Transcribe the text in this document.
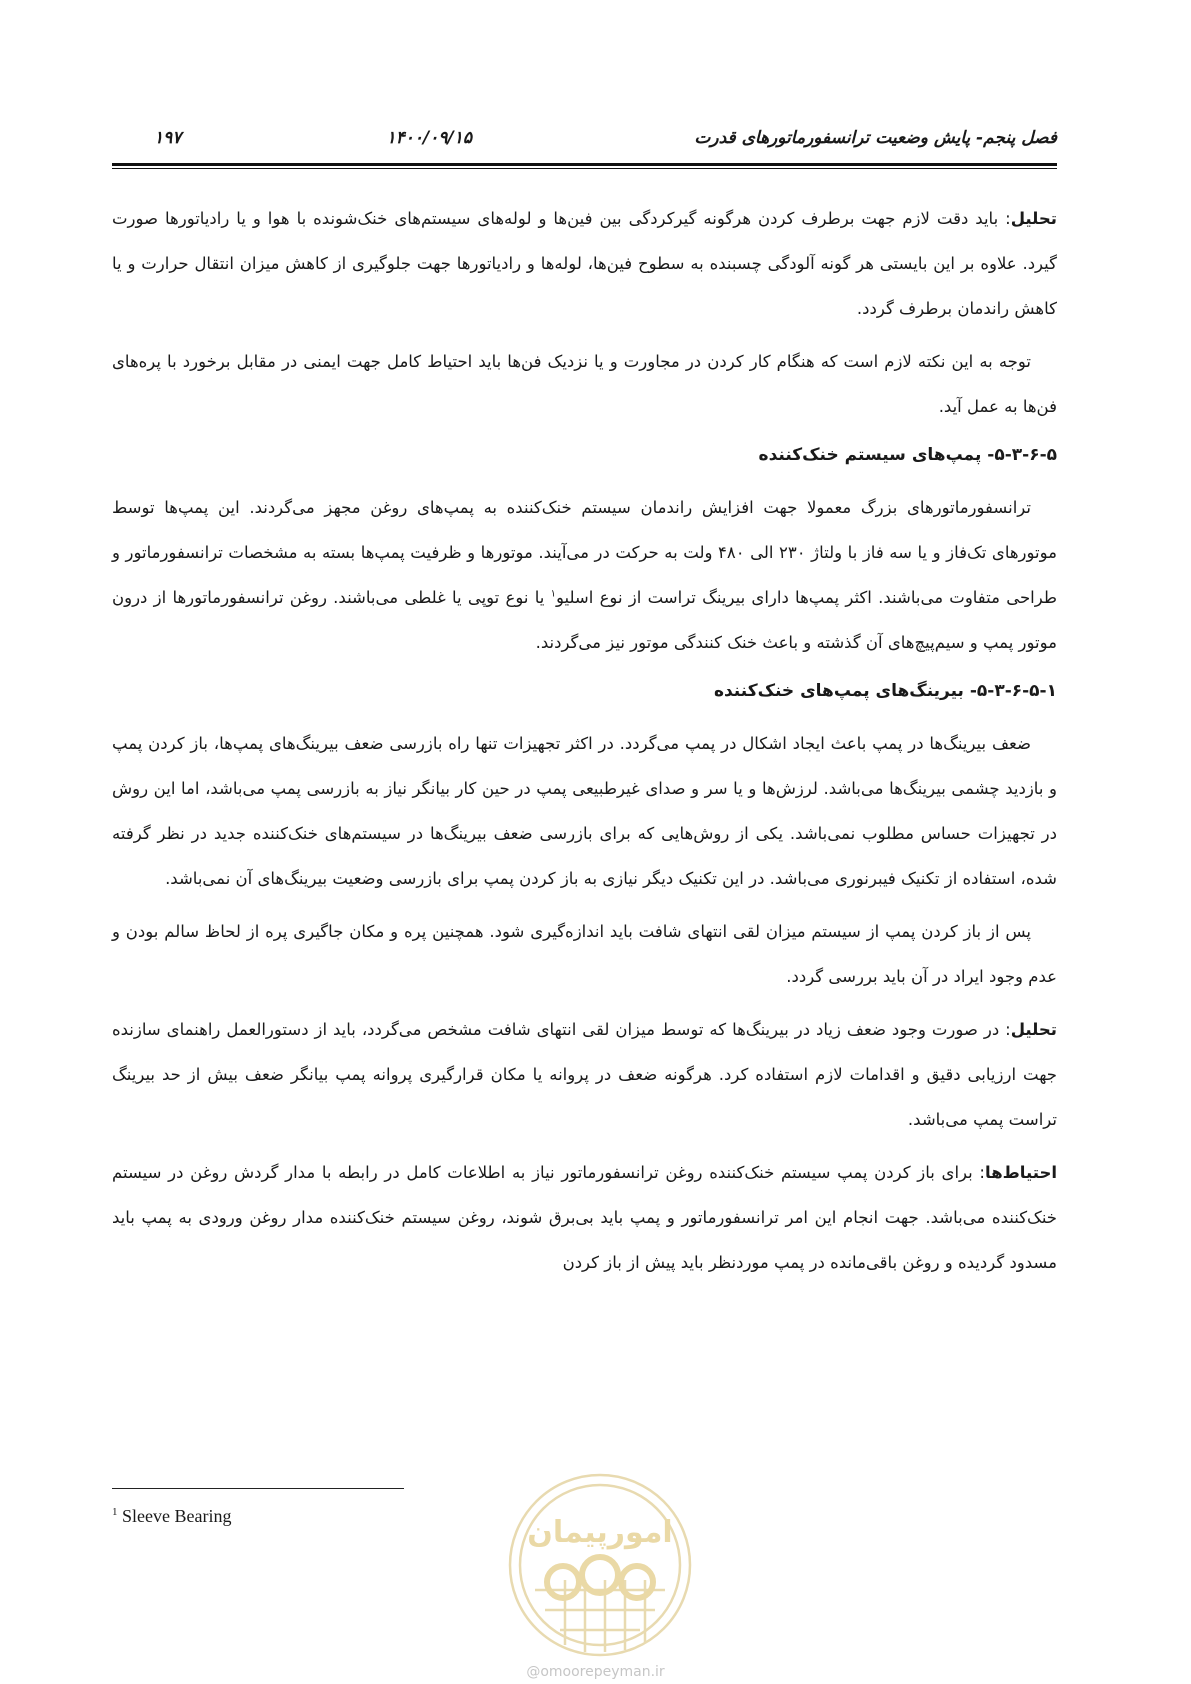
فصل پنجم- پایش وضعیت ترانسفورماتورهای قدرت
۱۴۰۰/۰۹/۱۵
۱۹۷

تحلیل: باید دقت لازم جهت برطرف کردن هرگونه گیرکردگی بین فین‌ها و لوله‌های سیستم‌های خنک‌شونده با هوا و یا رادیاتورها صورت گیرد. علاوه بر این بایستی هر گونه آلودگی چسبنده به سطوح فین‌ها، لوله‌ها و رادیاتورها جهت جلوگیری از کاهش میزان انتقال حرارت و یا کاهش راندمان برطرف گردد.

توجه به این نکته لازم است که هنگام کار کردن در مجاورت و یا نزدیک فن‌ها باید احتیاط کامل جهت ایمنی در مقابل برخورد با پره‌های فن‌ها به عمل آید.

۵-۳-۶-۵- پمپ‌های سیستم خنک‌کننده

ترانسفورماتورهای بزرگ معمولا جهت افزایش راندمان سیستم خنک‌کننده به پمپ‌های روغن مجهز می‌گردند. این پمپ‌ها توسط موتورهای تک‌فاز و یا سه فاز با ولتاژ ۲۳۰ الی ۴۸۰ ولت به حرکت در می‌آیند. موتورها و ظرفیت پمپ‌ها بسته به مشخصات ترانسفورماتور و طراحی متفاوت می‌باشند. اکثر پمپ‌ها دارای بیرینگ تراست از نوع اسلیو$^۱$ یا نوع توپی یا غلطی می‌باشند. روغن ترانسفورماتورها از درون موتور پمپ و سیم‌پیچ‌های آن گذشته و باعث خنک کنندگی موتور نیز می‌گردند.

۵-۳-۶-۵-۱- بیرینگ‌های پمپ‌های خنک‌کننده

ضعف بیرینگ‌ها در پمپ باعث ایجاد اشکال در پمپ می‌گردد. در اکثر تجهیزات تنها راه بازرسی ضعف بیرینگ‌های پمپ‌ها، باز کردن پمپ و بازدید چشمی بیرینگ‌ها می‌باشد. لرزش‌ها و یا سر و صدای غیرطبیعی پمپ در حین کار بیانگر نیاز به بازرسی پمپ می‌باشد، اما این روش در تجهیزات حساس مطلوب نمی‌باشد. یکی از روش‌هایی که برای بازرسی ضعف بیرینگ‌ها در سیستم‌های خنک‌کننده جدید در نظر گرفته شده، استفاده از تکنیک فیبرنوری می‌باشد. در این تکنیک دیگر نیازی به باز کردن پمپ برای بازرسی وضعیت بیرینگ‌های آن نمی‌باشد.

پس از باز کردن پمپ از سیستم میزان لقی انتهای شافت باید اندازه‌گیری شود. همچنین پره و مکان جاگیری پره از لحاظ سالم بودن و عدم وجود ایراد در آن باید بررسی گردد.

تحلیل: در صورت وجود ضعف زیاد در بیرینگ‌ها که توسط میزان لقی انتهای شافت مشخص می‌گردد، باید از دستورالعمل راهنمای سازنده جهت ارزیابی دقیق و اقدامات لازم استفاده کرد. هرگونه ضعف در پروانه یا مکان قرارگیری پروانه پمپ بیانگر ضعف بیش از حد بیرینگ تراست پمپ می‌باشد.

احتیاط‌ها: برای باز کردن پمپ سیستم خنک‌کننده روغن ترانسفورماتور نیاز به اطلاعات کامل در رابطه با مدار گردش روغن در سیستم خنک‌کننده می‌باشد. جهت انجام این امر ترانسفورماتور و پمپ باید بی‌برق شوند، روغن سیستم خنک‌کننده مدار روغن ورودی به پمپ باید مسدود گردیده و روغن باقی‌مانده در پمپ موردنظر باید پیش از باز کردن

$^1$ Sleeve Bearing	امورپیمان
@omoorepeyman.ir
